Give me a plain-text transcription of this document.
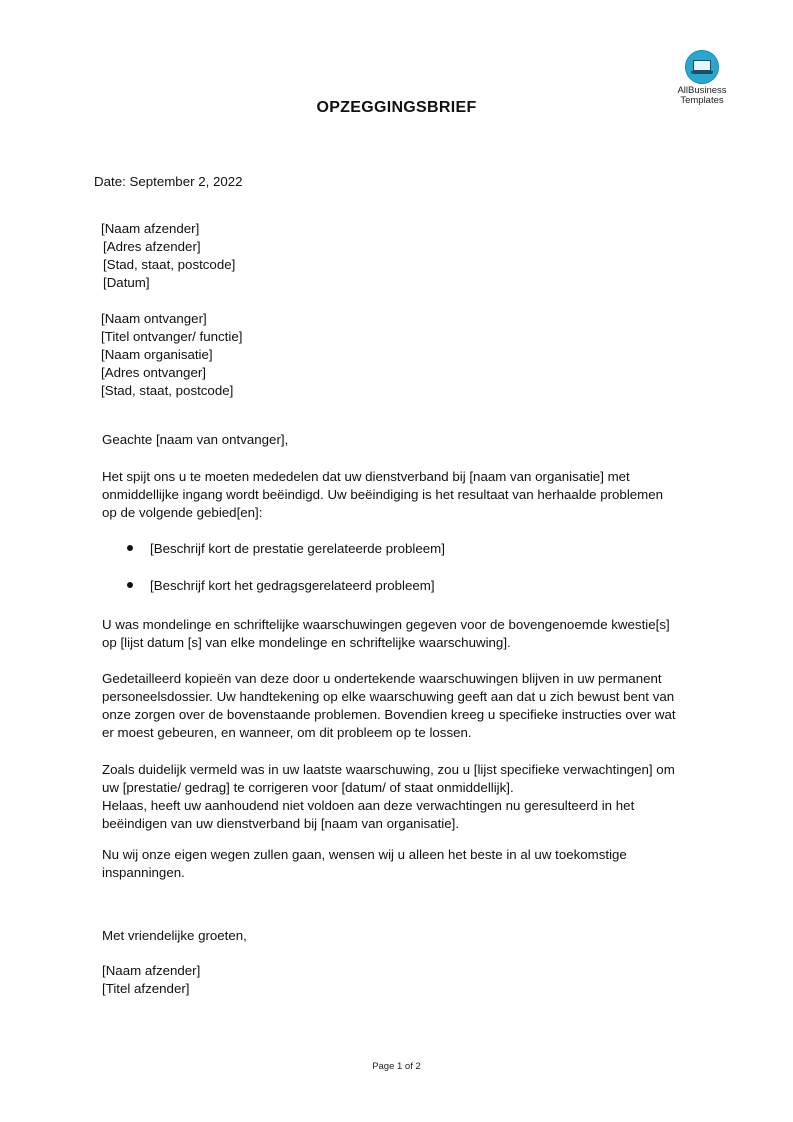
AllBusiness
Templates
OPZEGGINGSBRIEF
Date: September 2, 2022
[Naam afzender]
[Adres afzender]
[Stad, staat, postcode]
[Datum]
[Naam ontvanger]
[Titel ontvanger/ functie]
[Naam organisatie]
[Adres ontvanger]
[Stad, staat, postcode]
Geachte [naam van ontvanger],
Het spijt ons u te moeten mededelen dat uw dienstverband bij [naam van organisatie] met
onmiddellijke ingang wordt beëindigd. Uw beëindiging is het resultaat van herhaalde problemen
op de volgende gebied[en]:
[Beschrijf kort de prestatie gerelateerde probleem]
[Beschrijf kort het gedragsgerelateerd probleem]
U was mondelinge en schriftelijke waarschuwingen gegeven voor de bovengenoemde kwestie[s]
op [lijst datum [s] van elke mondelinge en schriftelijke waarschuwing].
Gedetailleerd kopieën van deze door u ondertekende waarschuwingen blijven in uw permanent
personeelsdossier. Uw handtekening op elke waarschuwing geeft aan dat u zich bewust bent van
onze zorgen over de bovenstaande problemen. Bovendien kreeg u specifieke instructies over wat
er moest gebeuren, en wanneer, om dit probleem op te lossen.
Zoals duidelijk vermeld was in uw laatste waarschuwing, zou u [lijst specifieke verwachtingen] om
uw [prestatie/ gedrag] te corrigeren voor [datum/ of staat onmiddellijk].
Helaas, heeft uw aanhoudend niet voldoen aan deze verwachtingen nu geresulteerd in het
beëindigen van uw dienstverband bij [naam van organisatie].
Nu wij onze eigen wegen zullen gaan, wensen wij u alleen het beste in al uw toekomstige
inspanningen.
Met vriendelijke groeten,
[Naam afzender]
[Titel afzender]
Page 1 of 2
